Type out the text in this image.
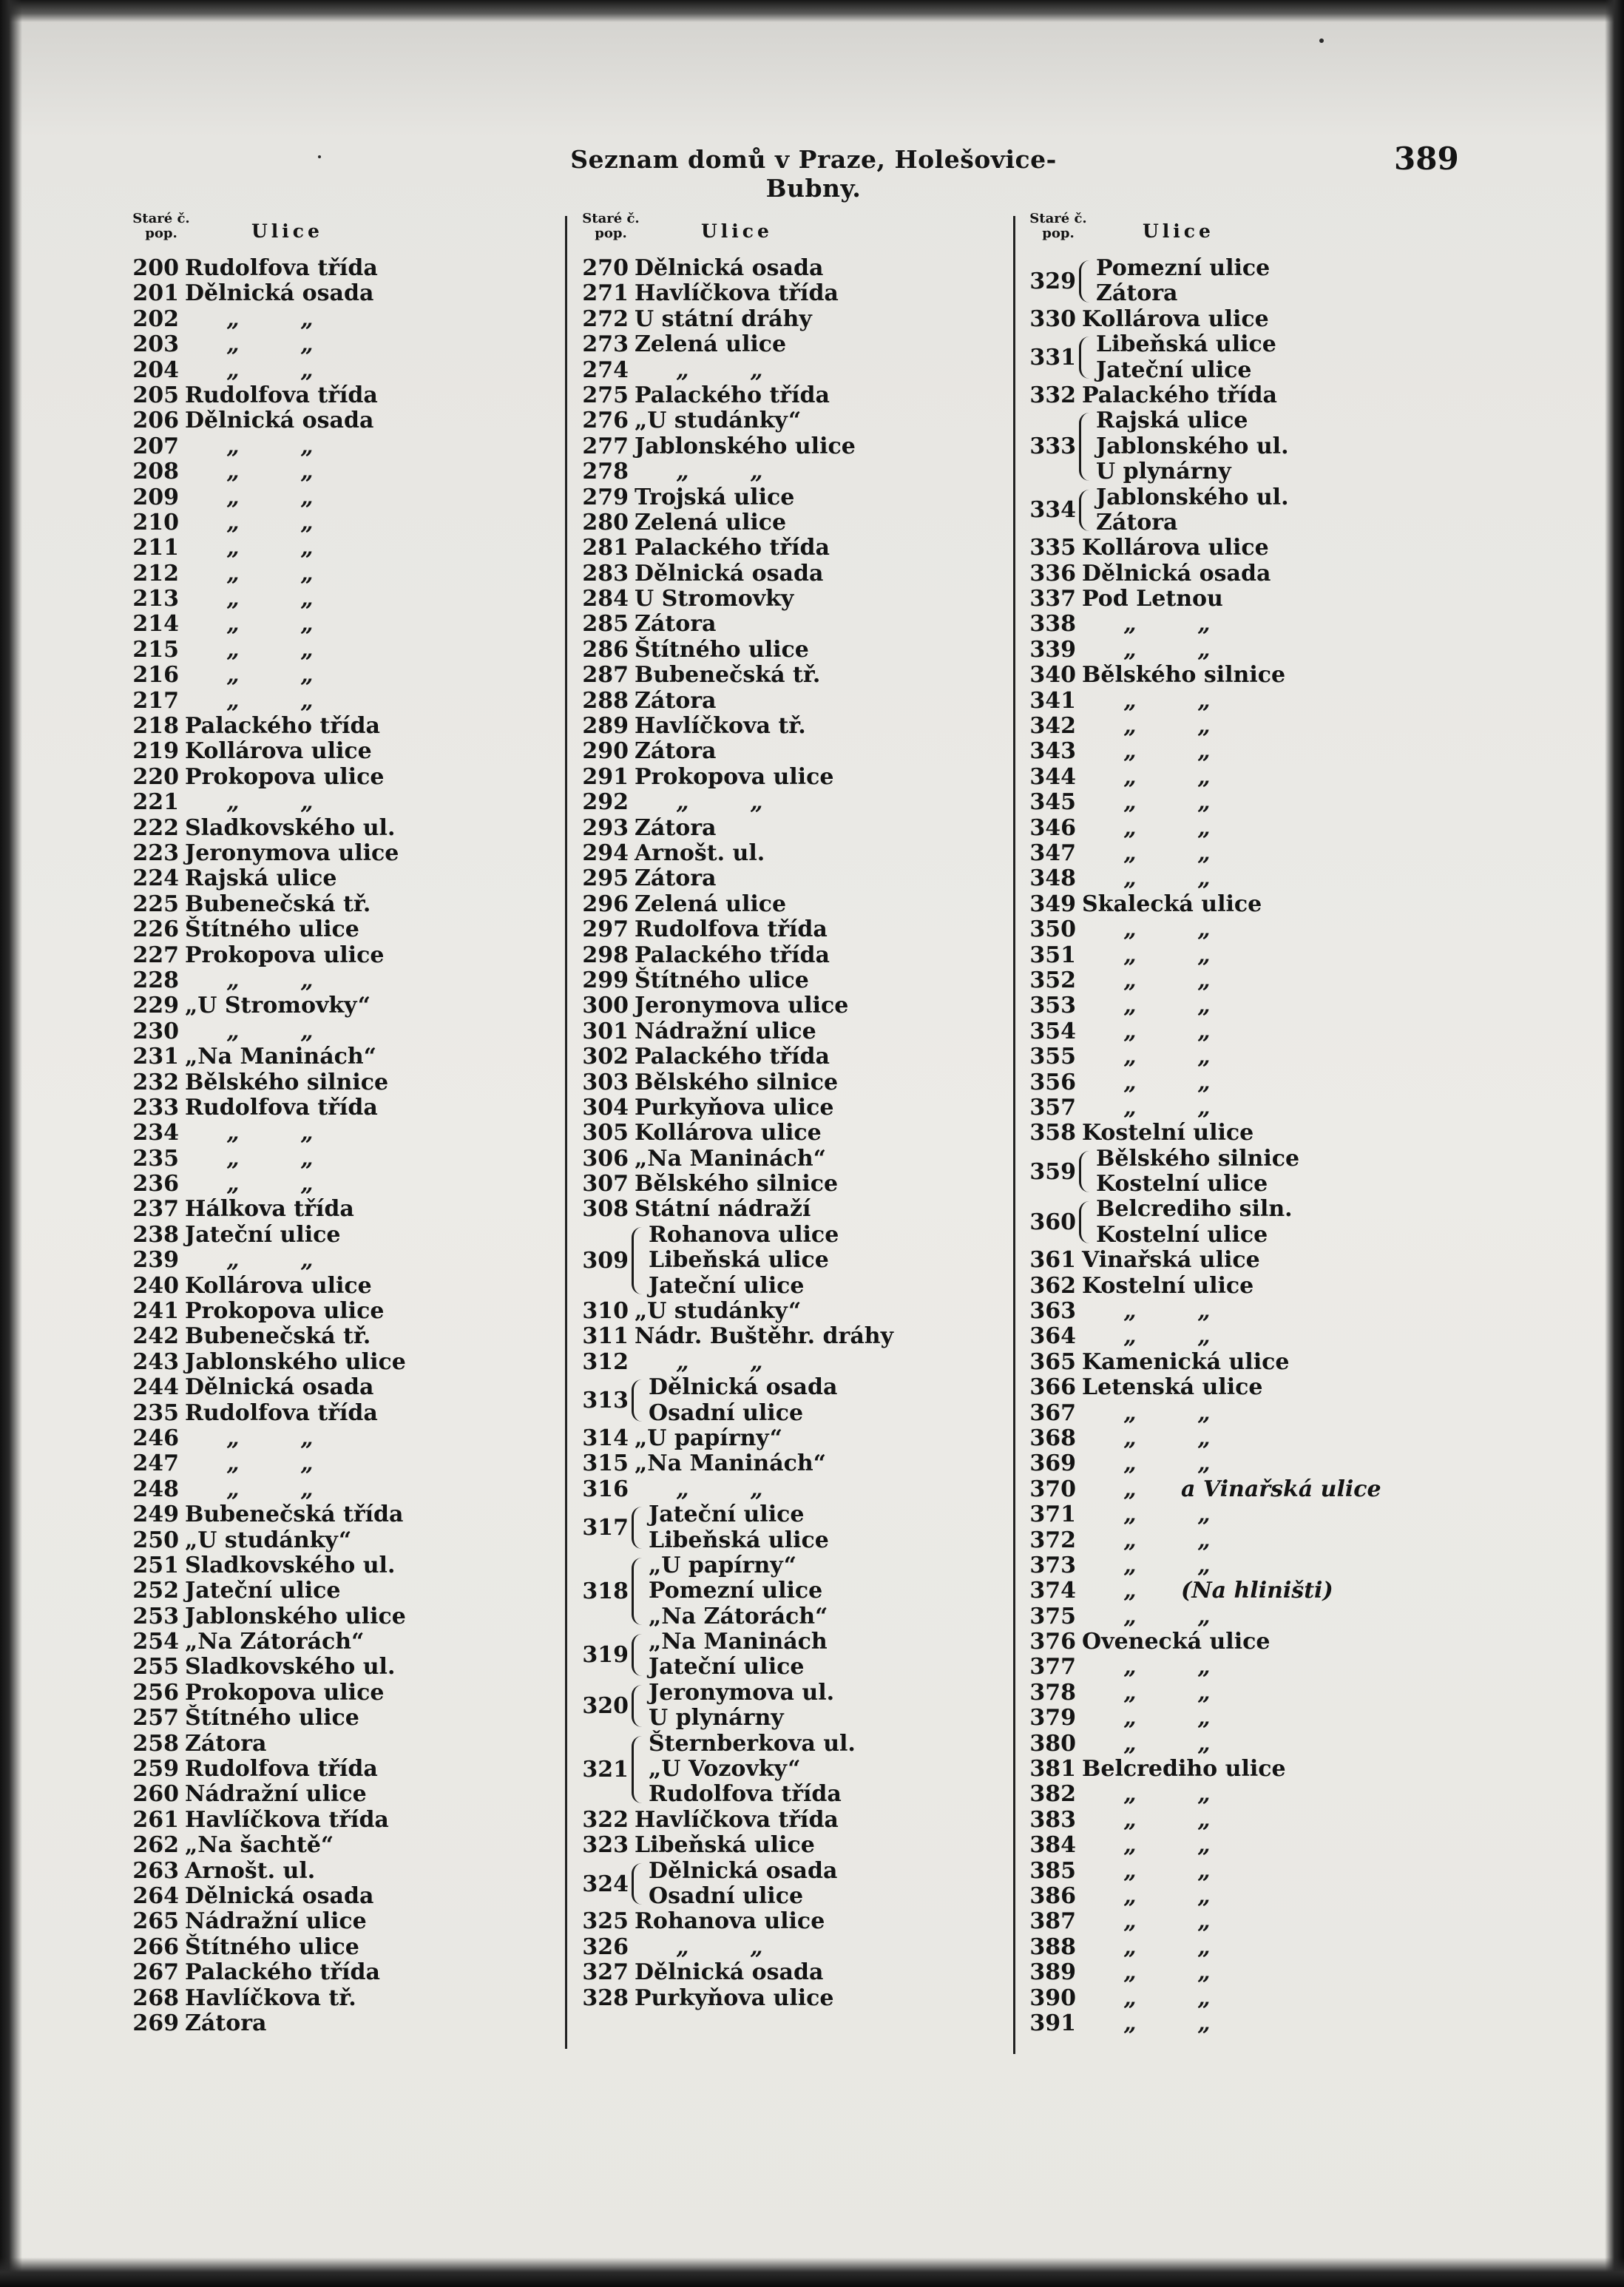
Seznam domů v Praze, Holešovice-Bubny.
389
Staré č.
pop.	Ulice
200 Rudolfova třída
201 Dělnická osada
202 „	„
203 „	„
204 „	„
205 Rudolfova třída
206 Dělnická osada
207 „	„
208 „	„
209 „	„
210 „	„
211 „	„
212 „	„
213 „	„
214 „	„
215 „	„
216 „	„
217 „	„
218 Palackého třída
219 Kollárova ulice
220 Prokopova ulice
221 „	„
222 Sladkovského ul.
223 Jeronymova ulice
224 Rajská ulice
225 Bubenečská tř.
226 Štítného ulice
227 Prokopova ulice
228 „	„
229 „U Stromovky“
230 „	„
231 „Na Maninách“
232 Bělského silnice
233 Rudolfova třída
234 „	„
235 „	„
236 „	„
237 Hálkova třída
238 Jateční ulice
239 „	„
240 Kollárova ulice
241 Prokopova ulice
242 Bubenečská tř.
243 Jablonského ulice
244 Dělnická osada
235 Rudolfova třída
246 „	„
247 „	„
248 „	„
249 Bubenečská třída
250 „U studánky“
251 Sladkovského ul.
252 Jateční ulice
253 Jablonského ulice
254 „Na Zátorách“
255 Sladkovského ul.
256 Prokopova ulice
257 Štítného ulice
258 Zátora
259 Rudolfova třída
260 Nádražní ulice
261 Havlíčkova třída
262 „Na šachtě“
263 Arnošt. ul.
264 Dělnická osada
265 Nádražní ulice
266 Štítného ulice
267 Palackého třída
268 Havlíčkova tř.
269 Zátora
Staré č.
pop.	Ulice
270 Dělnická osada
271 Havlíčkova třída
272 U státní dráhy
273 Zelená ulice
274 „	„
275 Palackého třída
276 „U studánky“
277 Jablonského ulice
278 „	„
279 Trojská ulice
280 Zelená ulice
281 Palackého třída
283 Dělnická osada
284 U Stromovky
285 Zátora
286 Štítného ulice
287 Bubenečská tř.
288 Zátora
289 Havlíčkova tř.
290 Zátora
291 Prokopova ulice
292 „	„
293 Zátora
294 Arnošt. ul.
295 Zátora
296 Zelená ulice
297 Rudolfova třída
298 Palackého třída
299 Štítného ulice
300 Jeronymova ulice
301 Nádražní ulice
302 Palackého třída
303 Bělského silnice
304 Purkyňova ulice
305 Kollárova ulice
306 „Na Maninách“
307 Bělského silnice
308 Státní nádraží
309
Rohanova ulice
Libeňská ulice
Jateční ulice
310 „U studánky“
311 Nádr. Buštěhr. dráhy
312 „	„
313
Dělnická osada
Osadní ulice
314 „U papírny“
315 „Na Maninách“
316 „	„
317
Jateční ulice
Libeňská ulice
318
„U papírny“
Pomezní ulice
„Na Zátorách“
319
„Na Maninách
Jateční ulice
320
Jeronymova ul.
U plynárny
321
Šternberkova ul.
„U Vozovky“
Rudolfova třída
322 Havlíčkova třída
323 Libeňská ulice
324
Dělnická osada
Osadní ulice
325 Rohanova ulice
326 „	„
327 Dělnická osada
328 Purkyňova ulice
Staré č.
pop.	Ulice
329
Pomezní ulice
Zátora
330 Kollárova ulice
331
Libeňská ulice
Jateční ulice
332 Palackého třída
333
Rajská ulice
Jablonského ul.
U plynárny
334
Jablonského ul.
Zátora
335 Kollárova ulice
336 Dělnická osada
337 Pod Letnou
338 „	„
339 „	„
340 Bělského silnice
341 „	„
342 „	„
343 „	„
344 „	„
345 „	„
346 „	„
347 „	„
348 „	„
349 Skalecká ulice
350 „	„
351 „	„
352 „	„
353 „	„
354 „	„
355 „	„
356 „	„
357 „	„
358 Kostelní ulice
359
Bělského silnice
Kostelní ulice
360
Belcrediho siln.
Kostelní ulice
361 Vinařská ulice
362 Kostelní ulice
363 „	„
364 „	„
365 Kamenická ulice
366 Letenská ulice
367 „	„
368 „	„
369 „	„
370 „ a Vinařská ulice
371 „	„
372 „	„
373 „	„
374 „ (Na hliništi)
375 „	„
376 Ovenecká ulice
377 „	„
378 „	„
379 „	„
380 „	„
381 Belcrediho ulice
382 „	„
383 „	„
384 „	„
385 „	„
386 „	„
387 „	„
388 „	„
389 „	„
390 „	„
391 „	„
